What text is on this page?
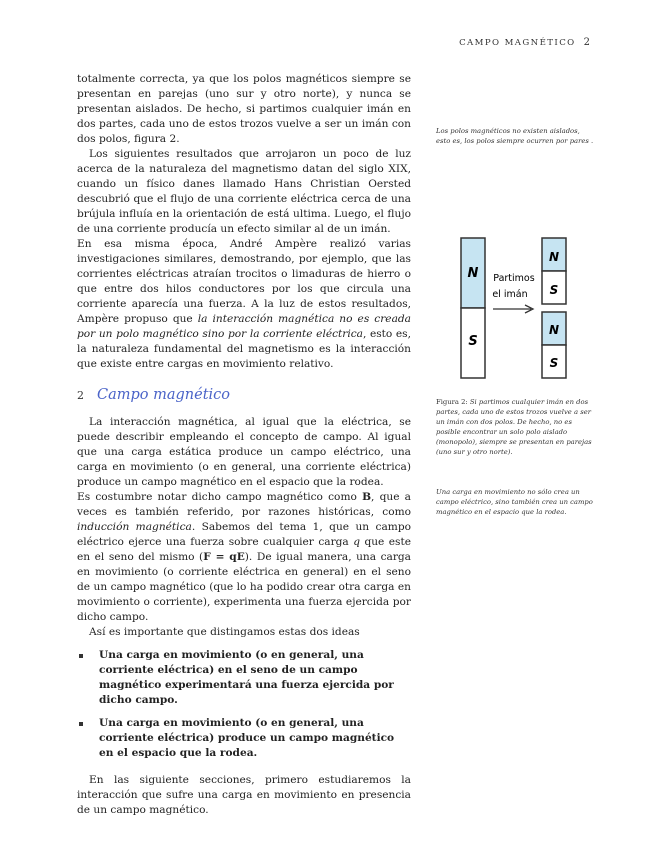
CAMPO MAGNÉTICO 2

totalmente correcta, ya que los polos magnéticos siempre se presentan en parejas (uno sur y otro norte), y nunca se presentan aislados. De hecho, si partimos cualquier imán en dos partes, cada uno de estos trozos vuelve a ser un imán con dos polos, figura 2.

Los siguientes resultados que arrojaron un poco de luz acerca de la naturaleza del magnetismo datan del siglo XIX, cuando un físico danes llamado Hans Christian Oersted descubrió que el flujo de una corriente eléctrica cerca de una brújula influía en la orientación de está ultima. Luego, el flujo de una corriente producía un efecto similar al de un imán.

En esa misma época, André Ampère realizó varias investigaciones similares, demostrando, por ejemplo, que las corrientes eléctricas atraían trocitos o limaduras de hierro o que entre dos hilos conductores por los que circula una corriente aparecía una fuerza. A la luz de estos resultados, Ampère propuso que la interacción magnética no es creada por un polo magnético sino por la corriente eléctrica, esto es, la naturaleza fundamental del magnetismo es la interacción que existe entre cargas en movimiento relativo.

2 Campo magnético

La interacción magnética, al igual que la eléctrica, se puede describir empleando el concepto de campo. Al igual que una carga estática produce un campo eléctrico, una carga en movimiento (o en general, una corriente eléctrica) produce un campo magnético en el espacio que la rodea.

Es costumbre notar dicho campo magnético como B, que a veces es también referido, por razones históricas, como inducción magnética. Sabemos del tema 1, que un campo eléctrico ejerce una fuerza sobre cualquier carga q que este en el seno del mismo (F = qE). De igual manera, una carga en movimiento (o corriente eléctrica en general) en el seno de un campo magnético (que lo ha podido crear otra carga en movimiento o corriente), experimenta una fuerza ejercida por dicho campo.

Así es importante que distingamos estas dos ideas

Una carga en movimiento (o en general, una corriente eléctrica) en el seno de un campo magnético experimentará una fuerza ejercida por dicho campo.
Una carga en movimiento (o en general, una corriente eléctrica) produce un campo magnético en el espacio que la rodea.

En las siguiente secciones, primero estudiaremos la interacción que sufre una carga en movimiento en presencia de un campo magnético.

Los polos magnéticos no existen aislados, esto es, los polos siempre ocurren por pares .
N
S
Partimos
el imán
N
S
N
S
Figura 2: Si partimos cualquier imán en dos partes, cada uno de estos trozos vuelve a ser un imán con dos polos. De hecho, no es posible encontrar un solo polo aislado (monopolo), siempre se presentan en parejas (uno sur y otro norte).
Una carga en movimiento no sólo crea un campo eléctrico, sino también crea un campo magnético en el espacio que la rodea.
